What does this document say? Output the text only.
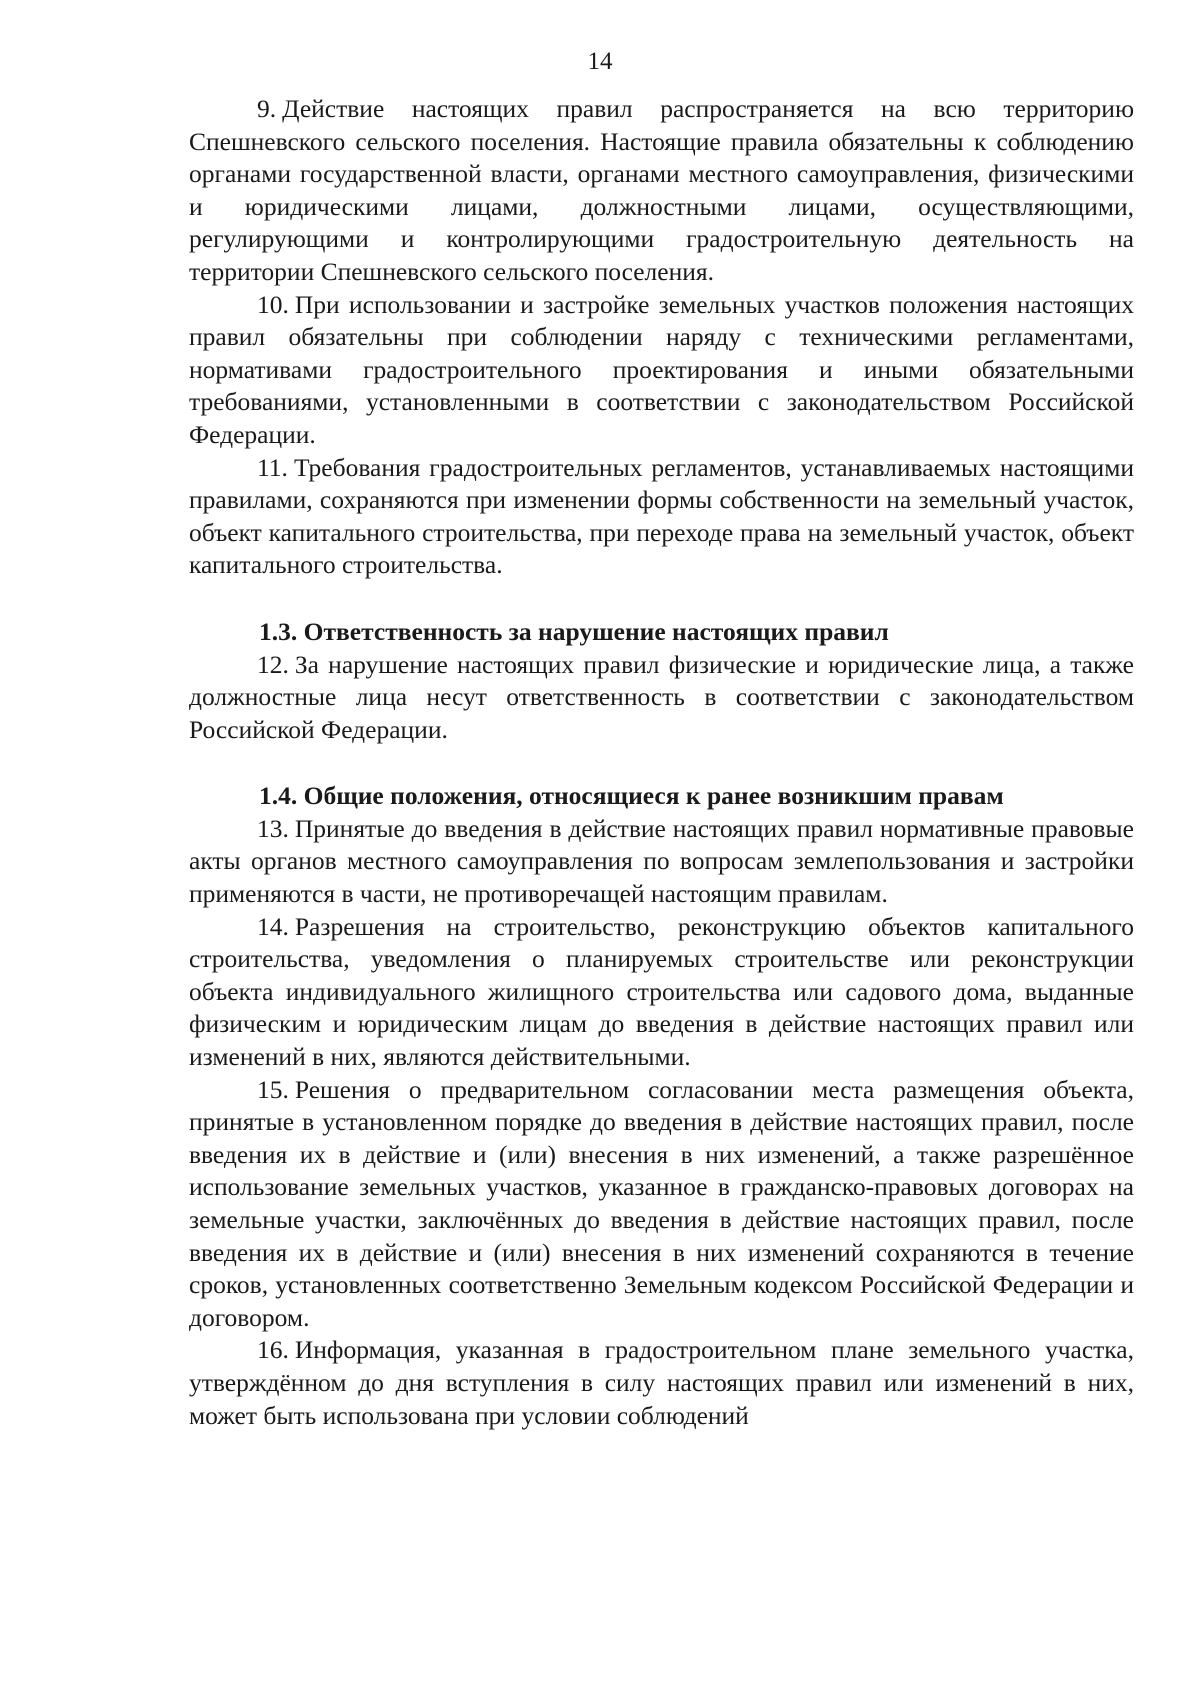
14

9. Действие настоящих правил распространяется на всю территорию Спешневского сельского поселения. Настоящие правила обязательны к соблюдению органами государственной власти, органами местного самоуправления, физическими и юридическими лицами, должностными лицами, осуществляющими, регулирующими и контролирующими градостроительную деятельность на территории Спешневского сельского поселения.

10. При использовании и застройке земельных участков положения настоящих правил обязательны при соблюдении наряду с техническими регламентами, нормативами градостроительного проектирования и иными обязательными требованиями, установленными в соответствии с законодательством Российской Федерации.

11. Требования градостроительных регламентов, устанавливаемых настоящими правилами, сохраняются при изменении формы собственности на земельный участок, объект капитального строительства, при переходе права на земельный участок, объект капитального строительства.

1.3. Ответственность за нарушение настоящих правил

12. За нарушение настоящих правил физические и юридические лица, а также должностные лица несут ответственность в соответствии с законодательством Российской Федерации.

1.4. Общие положения, относящиеся к ранее возникшим правам

13. Принятые до введения в действие настоящих правил нормативные правовые акты органов местного самоуправления по вопросам землепользования и застройки применяются в части, не противоречащей настоящим правилам.

14. Разрешения на строительство, реконструкцию объектов капитального строительства, уведомления о планируемых строительстве или реконструкции объекта индивидуального жилищного строительства или садового дома, выданные физическим и юридическим лицам до введения в действие настоящих правил или изменений в них, являются действительными.

15. Решения о предварительном согласовании места размещения объекта, принятые в установленном порядке до введения в действие настоящих правил, после введения их в действие и (или) внесения в них изменений, а также разрешённое использование земельных участков, указанное в гражданско-правовых договорах на земельные участки, заключённых до введения в действие настоящих правил, после введения их в действие и (или) внесения в них изменений сохраняются в течение сроков, установленных соответственно Земельным кодексом Российской Федерации и договором.

16. Информация, указанная в градостроительном плане земельного участка, утверждённом до дня вступления в силу настоящих правил или изменений в них, может быть использована при условии соблюдений
